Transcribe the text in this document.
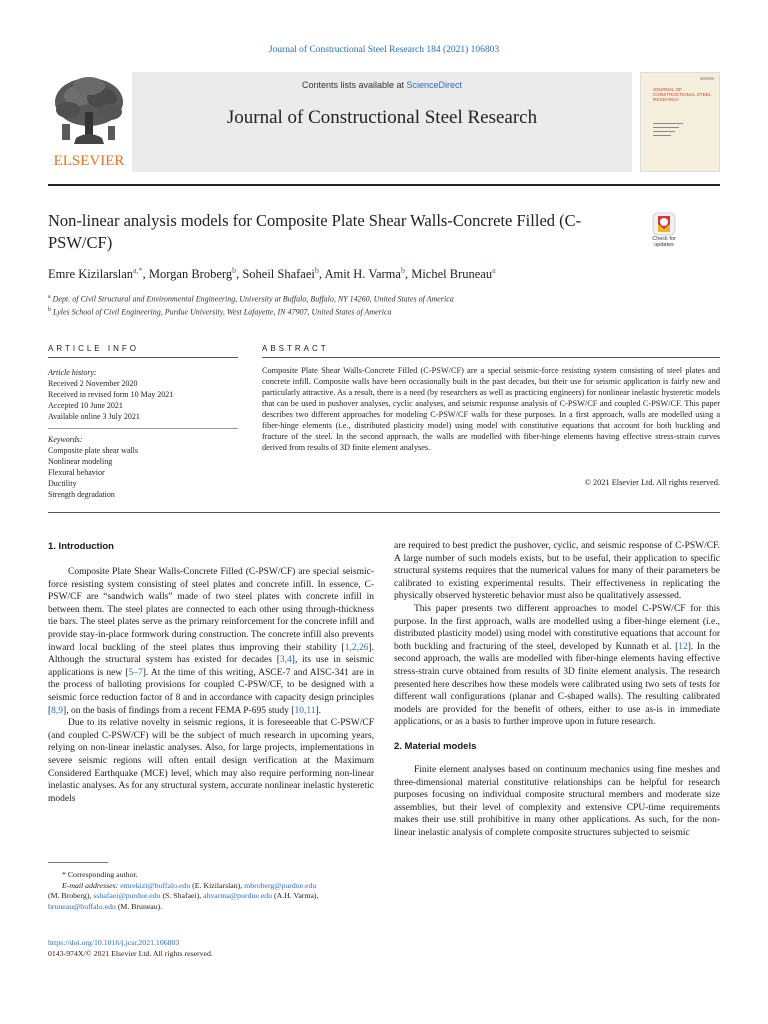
Journal of Constructional Steel Research 184 (2021) 106803
ELSEVIER
Contents lists available at ScienceDirect
Journal of Constructional Steel Research
JOURNAL OF CONSTRUCTIONAL STEEL RESEARCH
Non-linear analysis models for Composite Plate Shear Walls-Concrete Filled (C-PSW/CF)	Check for updates
Emre Kizilarslan$^{a,*}$, Morgan Broberg$^b$, Soheil Shafaei$^b$, Amit H. Varma$^b$, Michel Bruneau$^a$
$^a$ Dept. of Civil Structural and Environmental Engineering, University at Buffalo, Buffalo, NY 14260, United States of America
$^b$ Lyles School of Civil Engineering, Purdue University, West Lafayette, IN 47907, United States of America
ARTICLE INFO	ABSTRACT
Article history:
Received 2 November 2020
Received in revised form 10 May 2021
Accepted 10 June 2021
Available online 3 July 2021
Keywords:
Composite plate shear walls
Nonlinear modeling
Flexural behavior
Ductility
Strength degradation
Composite Plate Shear Walls-Concrete Filled (C-PSW/CF) are a special seismic-force resisting system consisting of steel plates and concrete infill. Composite walls have been occasionally built in the past decades, but their use for seismic application is fairly new and particularly attractive. As a result, there is a need (by researchers as well as practicing engineers) for nonlinear inelastic hysteretic models that can be used in pushover analyses, cyclic analyses, and seismic response analysis of C-PSW/CF and coupled C-PSW/CF. This paper describes two different approaches for modeling C-PSW/CF walls for these purposes. In a first approach, walls are modelled using a fiber-hinge elements (i.e., distributed plasticity model) using model with constitutive equations that account for both buckling and fracture of the steel. In the second approach, the walls are modelled with fiber-hinge elements having effective stress-strain curves derived from results of 3D finite element analyses.
© 2021 Elsevier Ltd. All rights reserved.
1. Introduction

Composite Plate Shear Walls-Concrete Filled (C-PSW/CF) are special seismic-force resisting system consisting of steel plates and concrete infill. In essence, C-PSW/CF are “sandwich walls” made of two steel plates with concrete infill in between them. The steel plates are connected to each other using through-thickness tie bars. The steel plates serve as the primary reinforcement for the concrete infill and provide stay-in-place formwork during construction. The concrete infill also prevents inward local buckling of the steel plates thus improving their stability [1,2,26]. Although the structural system has existed for decades [3,4], its use in seismic applications is new [5–7]. At the time of this writing, ASCE-7 and AISC-341 are in the process of balloting provisions for coupled C-PSW/CF, to be designed with a seismic force reduction factor of 8 and in accordance with capacity design principles [8,9], on the basis of findings from a recent FEMA P-695 study [10,11].

Due to its relative novelty in seismic regions, it is foreseeable that C-PSW/CF (and coupled C-PSW/CF) will be the subject of much research in upcoming years, relying on non-linear inelastic analyses. Also, for large projects, implementations in severe seismic regions will often entail design verification at the Maximum Considered Earthquake (MCE) level, which may also require performing non-linear inelastic analyses. As for any structural system, accurate nonlinear inelastic hysteretic models

are required to best predict the pushover, cyclic, and seismic response of C-PSW/CF. A large number of such models exists, but to be useful, their application to specific structural systems requires that the numerical values for many of their parameters be calibrated to existing experimental results. Their effectiveness in replicating the physically observed hysteretic behavior must also be qualitatively assessed.

This paper presents two different approaches to model C-PSW/CF for this purpose. In the first approach, walls are modelled using a fiber-hinge element (i.e., distributed plasticity model) using model with constitutive equations that account for both buckling and fracturing of the steel, developed by Kunnath et al. [12]. In the second approach, the walls are modelled with fiber-hinge elements having effective stress-strain curve obtained from results of 3D finite element analysis. The research presented here describes how these models were calibrated using two sets of tests for different wall configurations (planar and C-shaped walls). The resulting calibrated models are provided for the benefit of others, either to use as-is in immediate applications, or as a basis to further improve upon in future research.

2. Material models

Finite element analyses based on continuum mechanics using fine meshes and three-dimensional material constitutive relationships can be helpful for research purposes focusing on individual composite structural members and moderate size assemblies, but their level of complexity and extensive CPU-time requirements makes their use still prohibitive in many other applications. As such, for the non-linear inelastic analysis of complete composite structures subjected to seismic

* Corresponding author.
E-mail addresses: emrekizi@buffalo.edu (E. Kizilarslan), mbroberg@purdue.edu
(M. Broberg), sshafaei@purdue.edu (S. Shafaei), ahvarma@purdue.edu (A.H. Varma),
bruneau@buffalo.edu (M. Bruneau).
https://doi.org/10.1016/j.jcsr.2021.106803
0143-974X/© 2021 Elsevier Ltd. All rights reserved.
